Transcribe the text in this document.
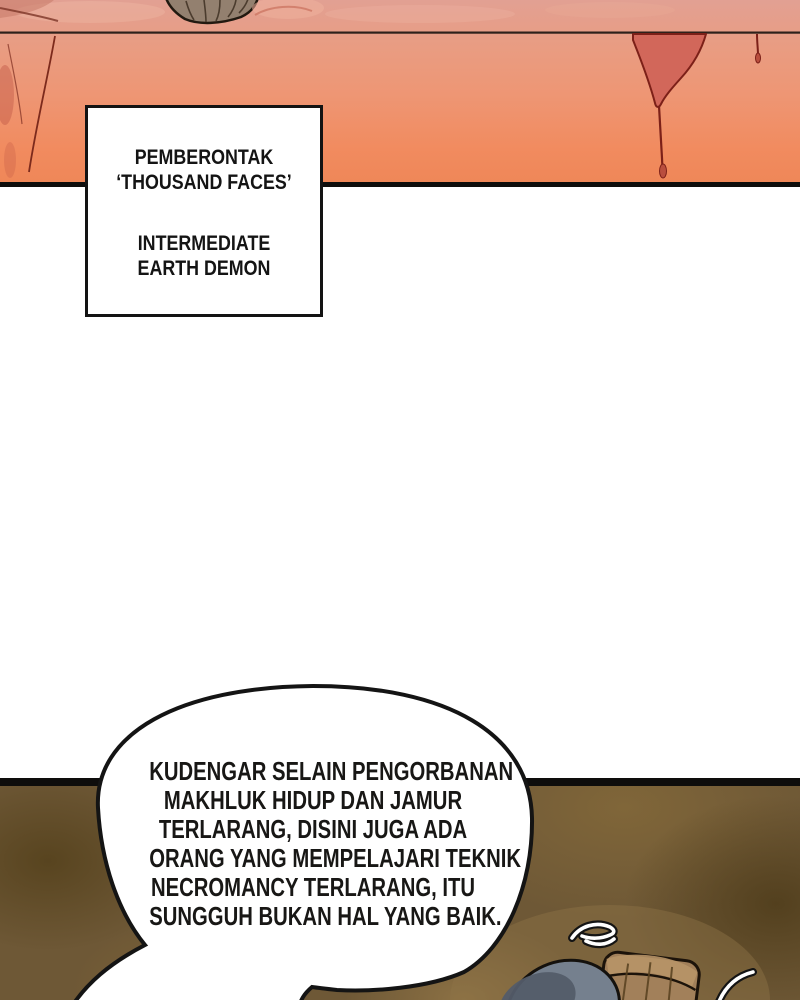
PEMBERONTAK
‘THOUSAND FACES’
INTERMEDIATE
EARTH DEMON
KUDENGAR SELAIN PENGORBANAN
MAKHLUK HIDUP DAN JAMUR
TERLARANG, DISINI JUGA ADA
ORANG YANG MEMPELAJARI TEKNIK
NECROMANCY TERLARANG, ITU
SUNGGUH BUKAN HAL YANG BAIK.
